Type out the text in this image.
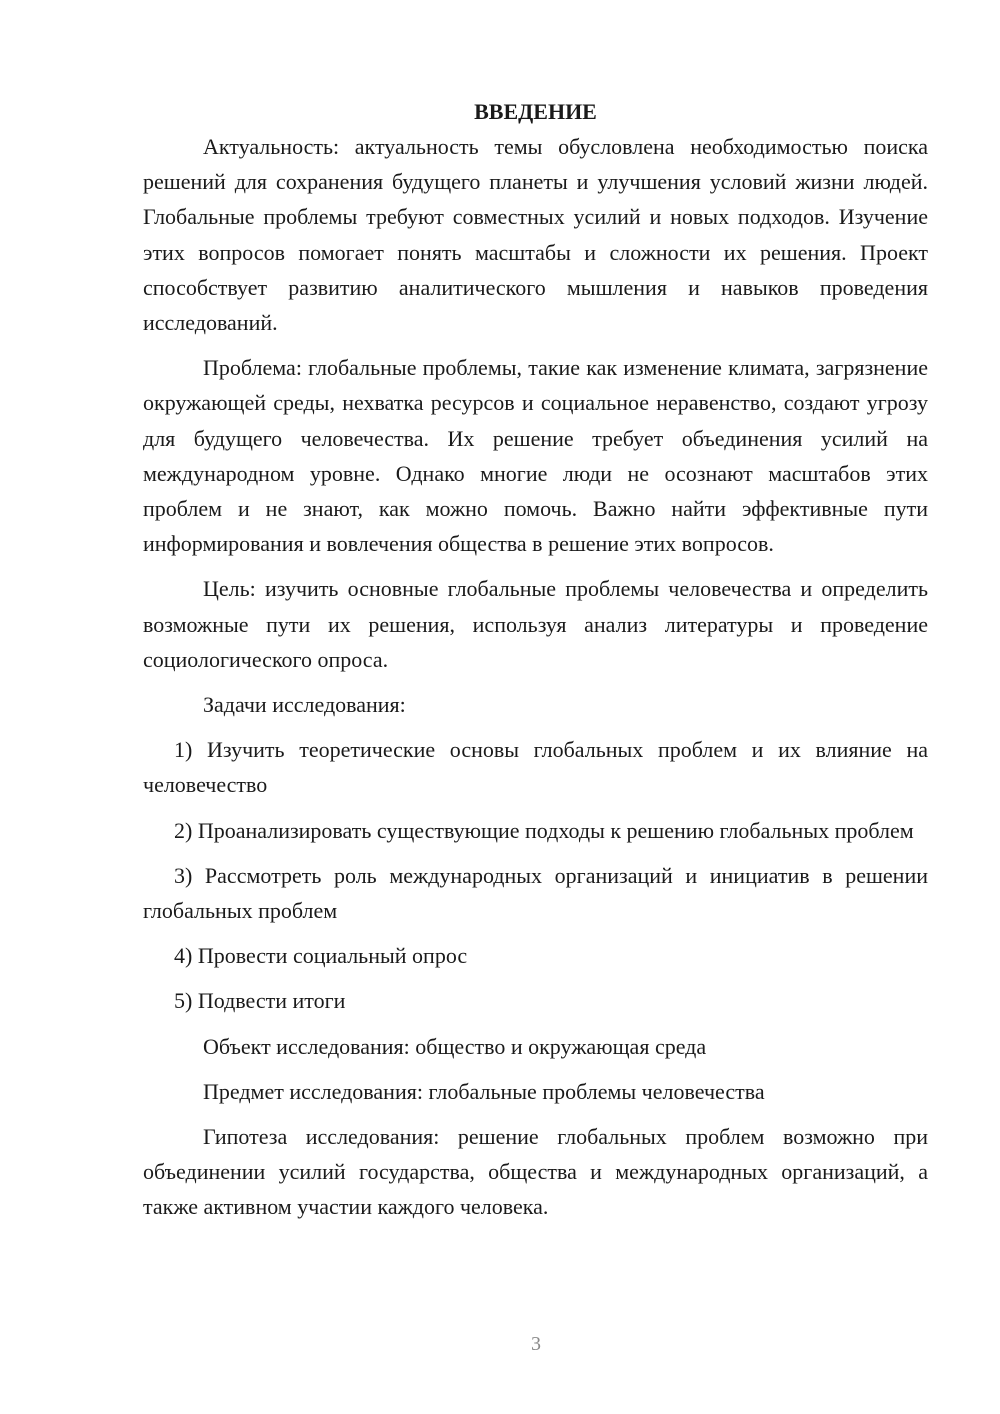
ВВЕДЕНИЕ

Актуальность: актуальность темы обусловлена необходимостью поиска решений для сохранения будущего планеты и улучшения условий жизни людей. Глобальные проблемы требуют совместных усилий и новых подходов. Изучение этих вопросов помогает понять масштабы и сложности их решения. Проект способствует развитию аналитического мышления и навыков проведения исследований.

Проблема: глобальные проблемы, такие как изменение климата, загрязнение окружающей среды, нехватка ресурсов и социальное неравенство, создают угрозу для будущего человечества. Их решение требует объединения усилий на международном уровне. Однако многие люди не осознают масштабов этих проблем и не знают, как можно помочь. Важно найти эффективные пути информирования и вовлечения общества в решение этих вопросов.

Цель: изучить основные глобальные проблемы человечества и определить возможные пути их решения, используя анализ литературы и проведение социологического опроса.

Задачи исследования:

1) Изучить теоретические основы глобальных проблем и их влияние на человечество

2) Проанализировать существующие подходы к решению глобальных проблем

3) Рассмотреть роль международных организаций и инициатив в решении глобальных проблем

4) Провести социальный опрос

5) Подвести итоги

Объект исследования: общество и окружающая среда

Предмет исследования: глобальные проблемы человечества

Гипотеза исследования: решение глобальных проблем возможно при объединении усилий государства, общества и международных организаций, а также активном участии каждого человека.

3
